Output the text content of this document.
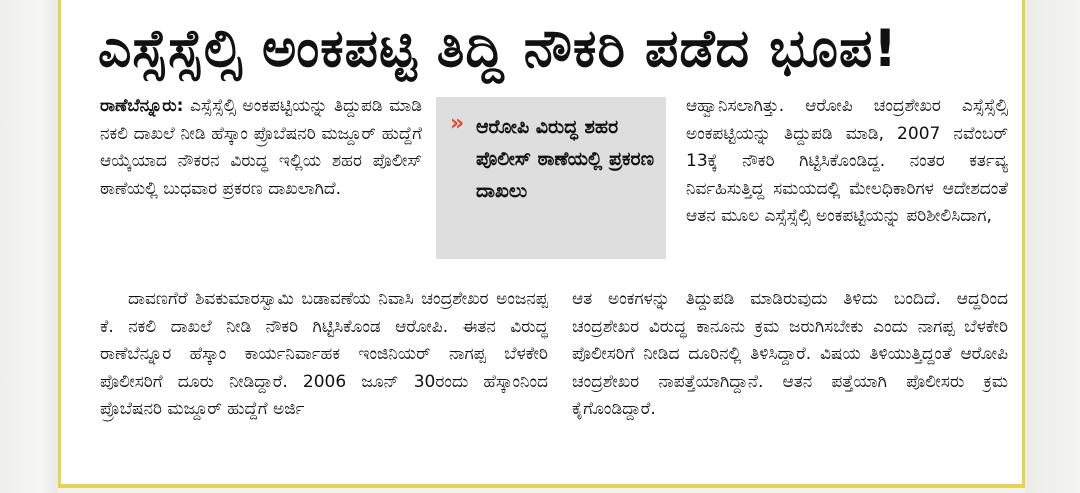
ಎಸ್ಸೆಸ್ಸೆಲ್ಸಿ ಅಂಕಪಟ್ಟಿ ತಿದ್ದಿ ನೌಕರಿ ಪಡೆದ ಭೂಪ!
ರಾಣೆಬೆನ್ನೂರು: ಎಸ್ಸೆಸ್ಸೆಲ್ಸಿ ಅಂಕಪಟ್ಟಿಯನ್ನು ತಿದ್ದುಪಡಿ ಮಾಡಿ ನಕಲಿ ದಾಖಲೆ ನೀಡಿ ಹೆಸ್ಕಾಂ ಪ್ರೊಬೆಷನರಿ ಮಜ್ದೂರ್ ಹುದ್ದೆಗೆ ಆಯ್ಕೆಯಾದ ನೌಕರನ ವಿರುದ್ಧ ಇಲ್ಲಿಯ ಶಹರ ಪೊಲೀಸ್ ಠಾಣೆಯಲ್ಲಿ ಬುಧವಾರ ಪ್ರಕರಣ ದಾಖಲಾಗಿದೆ.
ದಾವಣಗೆರೆ ಶಿವಕುಮಾರಸ್ವಾಮಿ ಬಡಾವಣೆಯ ನಿವಾಸಿ ಚಂದ್ರಶೇಖರ ಅಂಜನಪ್ಪ ಕೆ. ನಕಲಿ ದಾಖಲೆ ನೀಡಿ ನೌಕರಿ ಗಿಟ್ಟಿಸಿಕೊಂಡ ಆರೋಪಿ. ಈತನ ವಿರುದ್ಧ ರಾಣೆಬೆನ್ನೂರ ಹೆಸ್ಕಾಂ ಕಾರ್ಯನಿರ್ವಾಹಕ ಇಂಜಿನಿಯರ್ ನಾಗಪ್ಪ ಬೆಳಕೇರಿ ಪೊಲೀಸರಿಗೆ ದೂರು ನೀಡಿದ್ದಾರೆ. 2006 ಜೂನ್ 30ರಂದು ಹೆಸ್ಕಾಂನಿಂದ ಪ್ರೊಬೆಷನರಿ ಮಜ್ದೂರ್ ಹುದ್ದೆಗೆ ಅರ್ಜಿ
» ಆರೋಪಿ ವಿರುದ್ಧ ಶಹರ ಪೊಲೀಸ್ ಠಾಣೆಯಲ್ಲಿ ಪ್ರಕರಣ ದಾಖಲು
ಆಹ್ವಾನಿಸಲಾಗಿತ್ತು. ಆರೋಪಿ ಚಂದ್ರಶೇಖರ ಎಸ್ಸೆಸ್ಸೆಲ್ಸಿ ಅಂಕಪಟ್ಟಿಯನ್ನು ತಿದ್ದುಪಡಿ ಮಾಡಿ, 2007 ನವೆಂಬರ್ 13ಕ್ಕೆ ನೌಕರಿ ಗಿಟ್ಟಿಸಿಕೊಂಡಿದ್ದ. ನಂತರ ಕರ್ತವ್ಯ ನಿರ್ವಹಿಸುತ್ತಿದ್ದ ಸಮಯದಲ್ಲಿ ಮೇಲಧಿಕಾರಿಗಳ ಆದೇಶದಂತೆ ಆತನ ಮೂಲ ಎಸ್ಸೆಸ್ಸೆಲ್ಸಿ ಅಂಕಪಟ್ಟಿಯನ್ನು ಪರಿಶೀಲಿಸಿದಾಗ,
ಆತ ಅಂಕಗಳನ್ನು ತಿದ್ದುಪಡಿ ಮಾಡಿರುವುದು ತಿಳಿದು ಬಂದಿದೆ. ಆದ್ದರಿಂದ ಚಂದ್ರಶೇಖರ ವಿರುದ್ಧ ಕಾನೂನು ಕ್ರಮ ಜರುಗಿಸಬೇಕು ಎಂದು ನಾಗಪ್ಪ ಬೆಳಕೇರಿ ಪೊಲೀಸರಿಗೆ ನೀಡಿದ ದೂರಿನಲ್ಲಿ ತಿಳಿಸಿದ್ದಾರೆ. ವಿಷಯ ತಿಳಿಯುತ್ತಿದ್ದಂತೆ ಆರೋಪಿ ಚಂದ್ರಶೇಖರ ನಾಪತ್ತೆಯಾಗಿದ್ದಾನೆ. ಆತನ ಪತ್ತೆಯಾಗಿ ಪೊಲೀಸರು ಕ್ರಮ ಕೈಗೊಂಡಿದ್ದಾರೆ.
